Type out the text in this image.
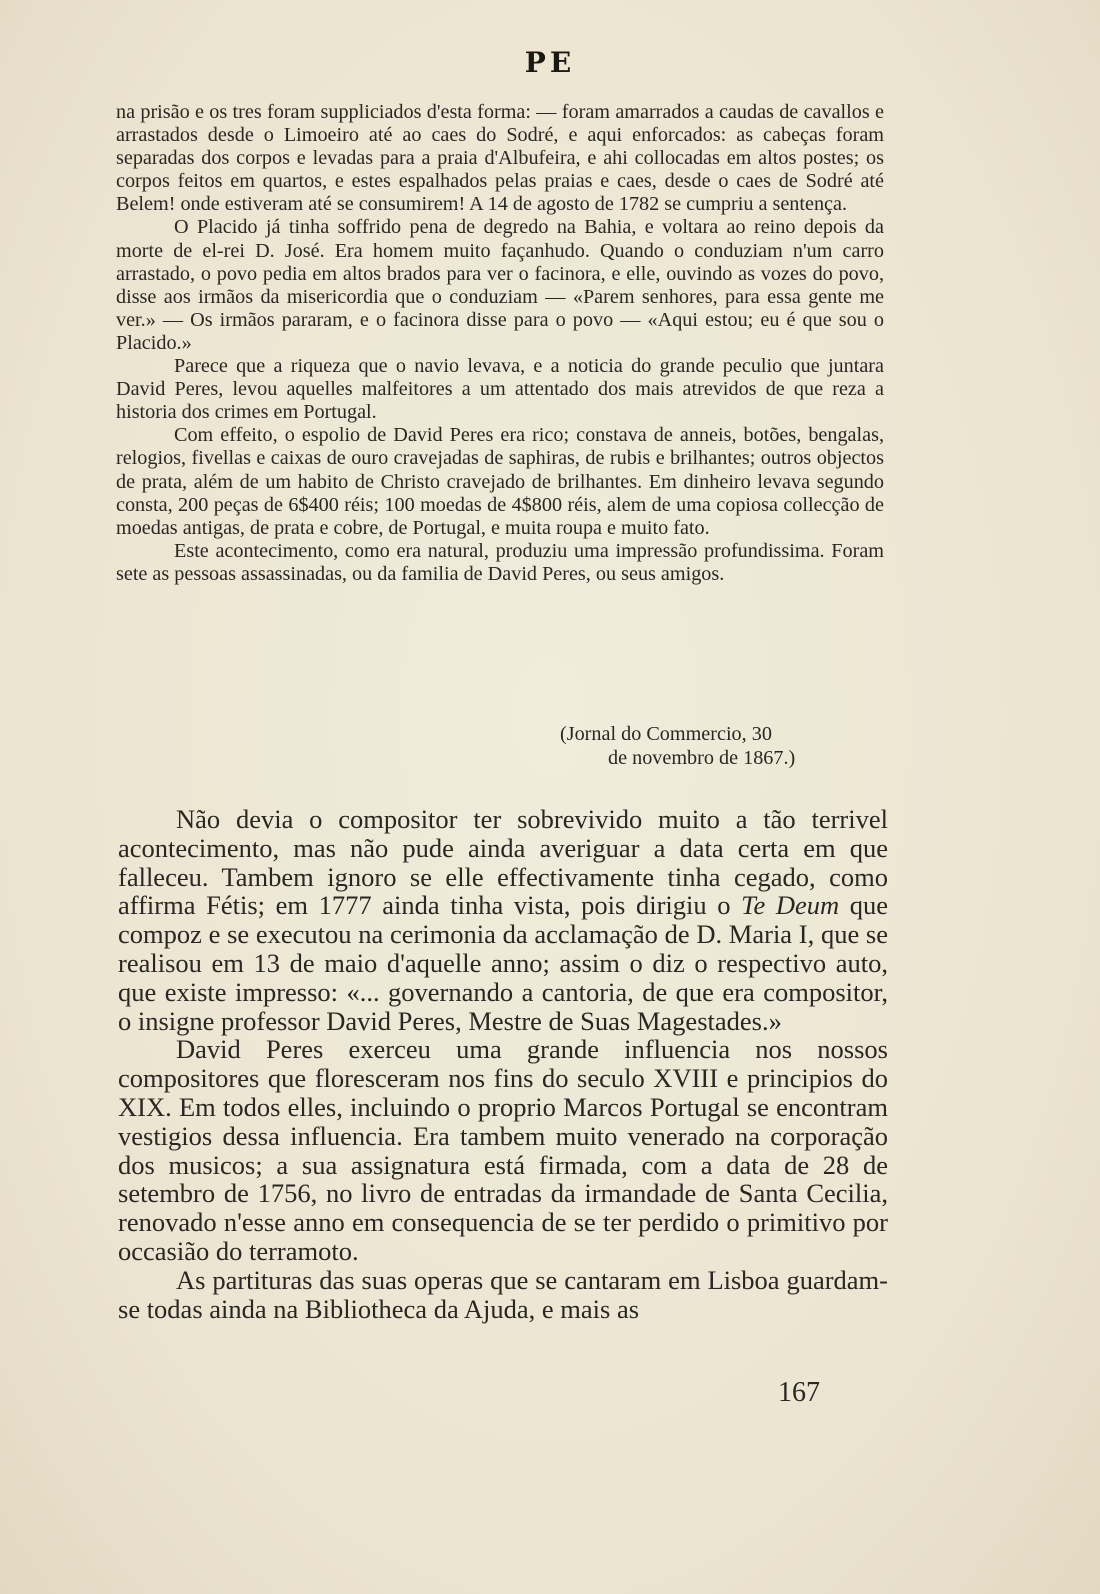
PE

na prisão e os tres foram suppliciados d'esta forma: — foram amarrados a caudas de cavallos e arrastados desde o Limoeiro até ao caes do Sodré, e aqui enforcados: as cabeças foram separadas dos corpos e levadas para a praia d'Albufeira, e ahi collocadas em altos postes; os corpos feitos em quartos, e estes espalhados pelas praias e caes, desde o caes de Sodré até Belem! onde estiveram até se consumirem! A 14 de agosto de 1782 se cumpriu a sentença.

O Placido já tinha soffrido pena de degredo na Bahia, e voltara ao reino depois da morte de el-rei D. José. Era homem muito façanhudo. Quando o conduziam n'um carro arrastado, o povo pedia em altos brados para ver o facinora, e elle, ouvindo as vozes do povo, disse aos irmãos da misericordia que o conduziam — «Parem senhores, para essa gente me ver.» — Os irmãos pararam, e o facinora disse para o povo — «Aqui estou; eu é que sou o Placido.»

Parece que a riqueza que o navio levava, e a noticia do grande peculio que juntara David Peres, levou aquelles malfeitores a um attentado dos mais atrevidos de que reza a historia dos crimes em Portugal.

Com effeito, o espolio de David Peres era rico; constava de anneis, botões, bengalas, relogios, fivellas e caixas de ouro cravejadas de saphiras, de rubis e brilhantes; outros objectos de prata, além de um habito de Christo cravejado de brilhantes. Em dinheiro levava segundo consta, 200 peças de 6$400 réis; 100 moedas de 4$800 réis, alem de uma copiosa collecção de moedas antigas, de prata e cobre, de Portugal, e muita roupa e muito fato.

Este acontecimento, como era natural, produziu uma impressão profundissima. Foram sete as pessoas assassinadas, ou da familia de David Peres, ou seus amigos.

(Jornal do Commercio, 30
de novembro de 1867.)

Não devia o compositor ter sobrevivido muito a tão terrivel acontecimento, mas não pude ainda averiguar a data certa em que falleceu. Tambem ignoro se elle effectivamente tinha cegado, como affirma Fétis; em 1777 ainda tinha vista, pois dirigiu o Te Deum que compoz e se executou na cerimonia da acclamação de D. Maria I, que se realisou em 13 de maio d'aquelle anno; assim o diz o respectivo auto, que existe impresso: «... governando a cantoria, de que era compositor, o insigne professor David Peres, Mestre de Suas Magestades.»

David Peres exerceu uma grande influencia nos nossos compositores que floresceram nos fins do seculo XVIII e principios do XIX. Em todos elles, incluindo o proprio Marcos Portugal se encontram vestigios dessa influencia. Era tambem muito venerado na corporação dos musicos; a sua assignatura está firmada, com a data de 28 de setembro de 1756, no livro de entradas da irmandade de Santa Cecilia, renovado n'esse anno em consequencia de se ter perdido o primitivo por occasião do terramoto.

As partituras das suas operas que se cantaram em Lisboa guardam-se todas ainda na Bibliotheca da Ajuda, e mais as

167
